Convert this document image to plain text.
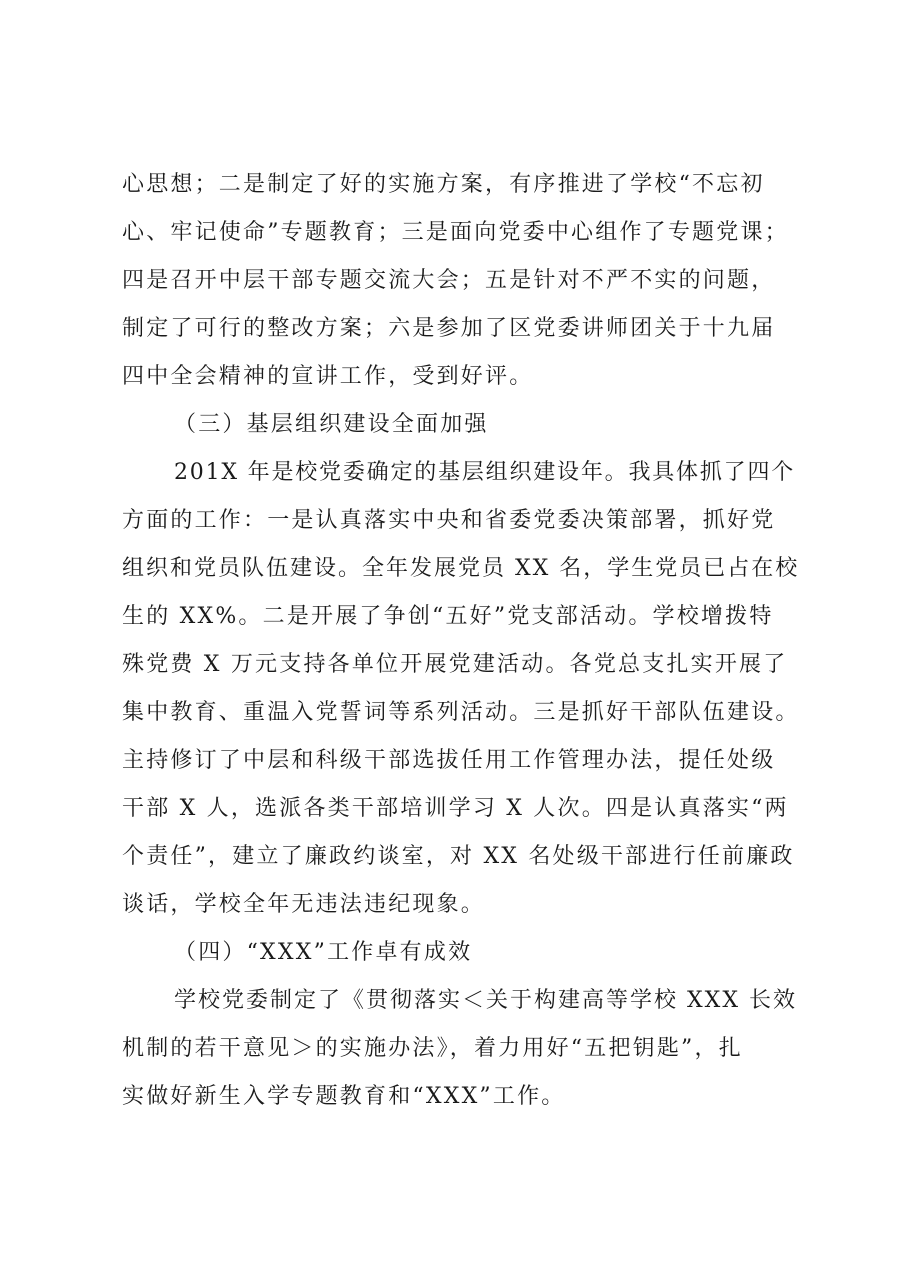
心思想；二是制定了好的实施方案，有序推进了学校“不忘初
心、牢记使命”专题教育；三是面向党委中心组作了专题党课；
四是召开中层干部专题交流大会；五是针对不严不实的问题，
制定了可行的整改方案；六是参加了区党委讲师团关于十九届
四中全会精神的宣讲工作，受到好评。
（三）基层组织建设全面加强
201X 年是校党委确定的基层组织建设年。我具体抓了四个
方面的工作：一是认真落实中央和省委党委决策部署，抓好党
组织和党员队伍建设。全年发展党员 XX 名，学生党员已占在校
生的 XX%。二是开展了争创“五好”党支部活动。学校增拨特
殊党费 X 万元支持各单位开展党建活动。各党总支扎实开展了
集中教育、重温入党誓词等系列活动。三是抓好干部队伍建设。
主持修订了中层和科级干部选拔任用工作管理办法，提任处级
干部 X 人，选派各类干部培训学习 X 人次。四是认真落实“两
个责任”，建立了廉政约谈室，对 XX 名处级干部进行任前廉政
谈话，学校全年无违法违纪现象。
（四）“XXX”工作卓有成效
学校党委制定了《贯彻落实＜关于构建高等学校 XXX 长效
机制的若干意见＞的实施办法》，着力用好“五把钥匙”，扎
实做好新生入学专题教育和“XXX”工作。
